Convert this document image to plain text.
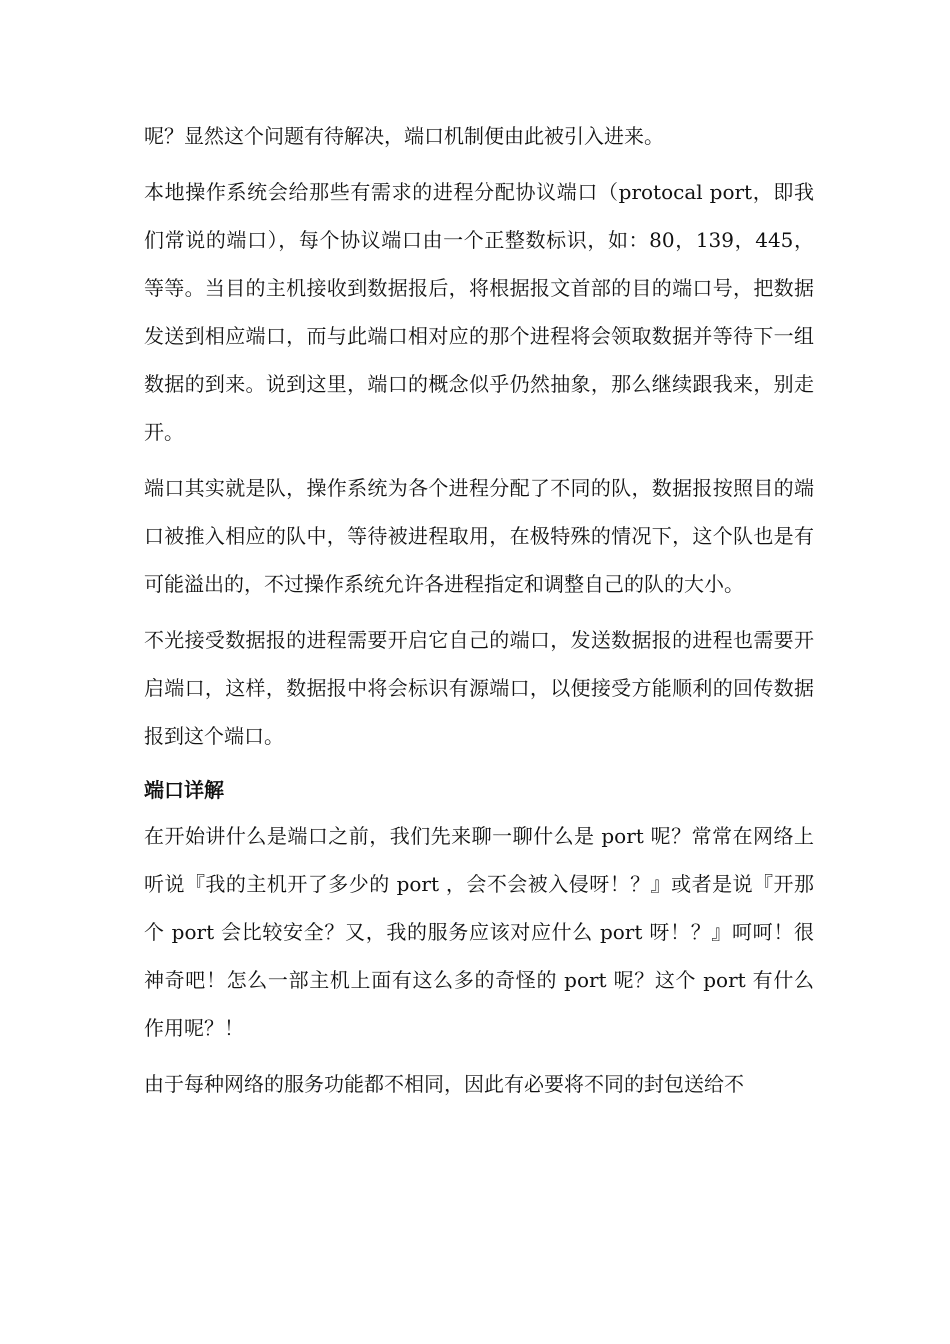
呢？显然这个问题有待解决，端口机制便由此被引入进来。

本地操作系统会给那些有需求的进程分配协议端口（protocal port，即我们常说的端口），每个协议端口由一个正整数标识，如：80，139，445，等等。当目的主机接收到数据报后，将根据报文首部的目的端口号，把数据发送到相应端口，而与此端口相对应的那个进程将会领取数据并等待下一组数据的到来。说到这里，端口的概念似乎仍然抽象，那么继续跟我来，别走开。

端口其实就是队，操作系统为各个进程分配了不同的队，数据报按照目的端口被推入相应的队中，等待被进程取用，在极特殊的情况下，这个队也是有可能溢出的，不过操作系统允许各进程指定和调整自己的队的大小。

不光接受数据报的进程需要开启它自己的端口，发送数据报的进程也需要开启端口，这样，数据报中将会标识有源端口，以便接受方能顺利的回传数据报到这个端口。

端口详解

在开始讲什么是端口之前，我们先来聊一聊什么是 port 呢？常常在网络上听说『我的主机开了多少的 port ，会不会被入侵呀！？』或者是说『开那个 port 会比较安全？又，我的服务应该对应什么 port 呀！？』呵呵！很神奇吧！怎么一部主机上面有这么多的奇怪的 port 呢？这个 port 有什么作用呢？！

由于每种网络的服务功能都不相同，因此有必要将不同的封包送给不
